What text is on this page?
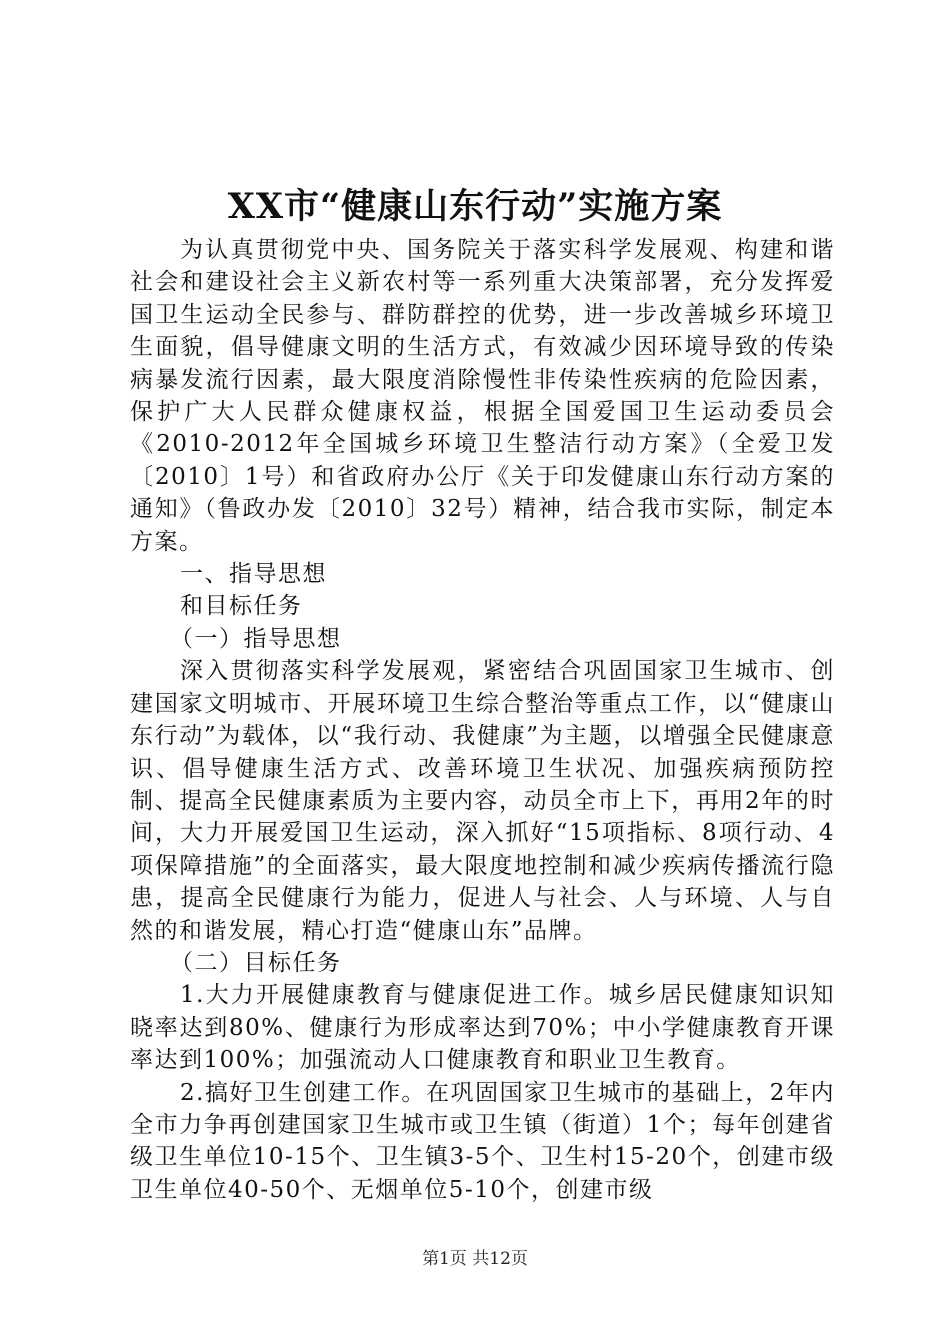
XX市“健康山东行动”实施方案

为认真贯彻党中央、国务院关于落实科学发展观、构建和谐社会和建设社会主义新农村等一系列重大决策部署，充分发挥爱国卫生运动全民参与、群防群控的优势，进一步改善城乡环境卫生面貌，倡导健康文明的生活方式，有效减少因环境导致的传染病暴发流行因素，最大限度消除慢性非传染性疾病的危险因素，保护广大人民群众健康权益，根据全国爱国卫生运动委员会《2010-2012年全国城乡环境卫生整洁行动方案》（全爱卫发〔2010〕1号）和省政府办公厅《关于印发健康山东行动方案的通知》（鲁政办发〔2010〕32号）精神，结合我市实际，制定本方案。

一、指导思想

和目标任务

（一）指导思想

深入贯彻落实科学发展观，紧密结合巩固国家卫生城市、创建国家文明城市、开展环境卫生综合整治等重点工作，以“健康山东行动”为载体，以“我行动、我健康”为主题，以增强全民健康意识、倡导健康生活方式、改善环境卫生状况、加强疾病预防控制、提高全民健康素质为主要内容，动员全市上下，再用2年的时间，大力开展爱国卫生运动，深入抓好“15项指标、8项行动、4项保障措施”的全面落实，最大限度地控制和减少疾病传播流行隐患，提高全民健康行为能力，促进人与社会、人与环境、人与自然的和谐发展，精心打造“健康山东”品牌。

（二）目标任务

1.大力开展健康教育与健康促进工作。城乡居民健康知识知晓率达到80%、健康行为形成率达到70%；中小学健康教育开课率达到100%；加强流动人口健康教育和职业卫生教育。

2.搞好卫生创建工作。在巩固国家卫生城市的基础上，2年内全市力争再创建国家卫生城市或卫生镇（街道）1个；每年创建省级卫生单位10-15个、卫生镇3-5个、卫生村15-20个，创建市级卫生单位40-50个、无烟单位5-10个，创建市级

第1页 共12页
